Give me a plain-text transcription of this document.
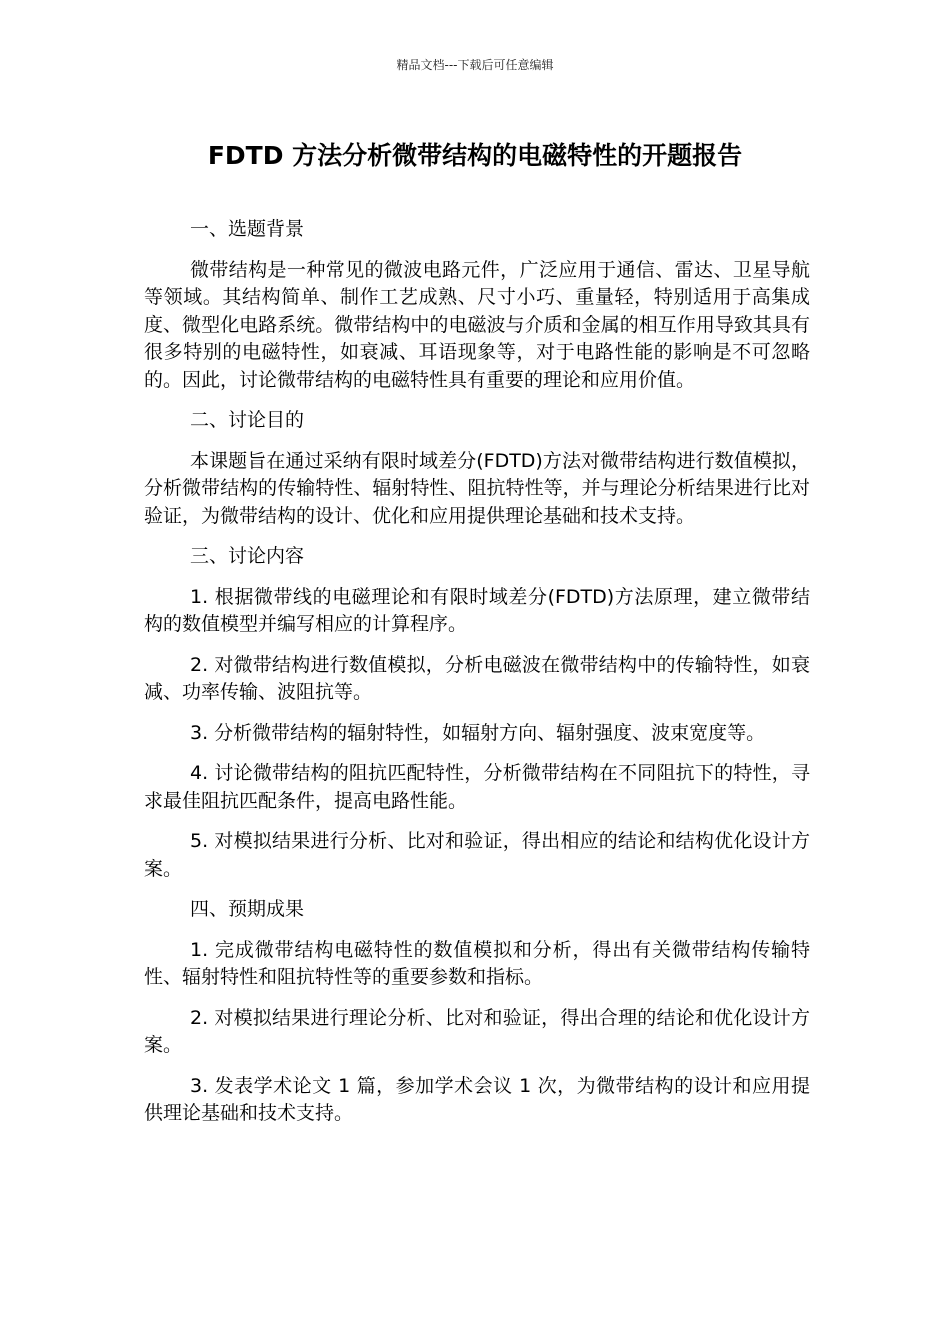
精品文档---下载后可任意编辑
FDTD 方法分析微带结构的电磁特性的开题报告

一、选题背景

微带结构是一种常见的微波电路元件，广泛应用于通信、雷达、卫星导航等领域。其结构简单、制作工艺成熟、尺寸小巧、重量轻，特别适用于高集成度、微型化电路系统。微带结构中的电磁波与介质和金属的相互作用导致其具有很多特别的电磁特性，如衰减、耳语现象等，对于电路性能的影响是不可忽略的。因此，讨论微带结构的电磁特性具有重要的理论和应用价值。

二、讨论目的

本课题旨在通过采纳有限时域差分(FDTD)方法对微带结构进行数值模拟，分析微带结构的传输特性、辐射特性、阻抗特性等，并与理论分析结果进行比对验证，为微带结构的设计、优化和应用提供理论基础和技术支持。

三、讨论内容

1. 根据微带线的电磁理论和有限时域差分(FDTD)方法原理，建立微带结构的数值模型并编写相应的计算程序。

2. 对微带结构进行数值模拟，分析电磁波在微带结构中的传输特性，如衰减、功率传输、波阻抗等。

3. 分析微带结构的辐射特性，如辐射方向、辐射强度、波束宽度等。

4. 讨论微带结构的阻抗匹配特性，分析微带结构在不同阻抗下的特性，寻求最佳阻抗匹配条件，提高电路性能。

5. 对模拟结果进行分析、比对和验证，得出相应的结论和结构优化设计方案。

四、预期成果

1. 完成微带结构电磁特性的数值模拟和分析，得出有关微带结构传输特性、辐射特性和阻抗特性等的重要参数和指标。

2. 对模拟结果进行理论分析、比对和验证，得出合理的结论和优化设计方案。

3. 发表学术论文 1 篇，参加学术会议 1 次，为微带结构的设计和应用提供理论基础和技术支持。
